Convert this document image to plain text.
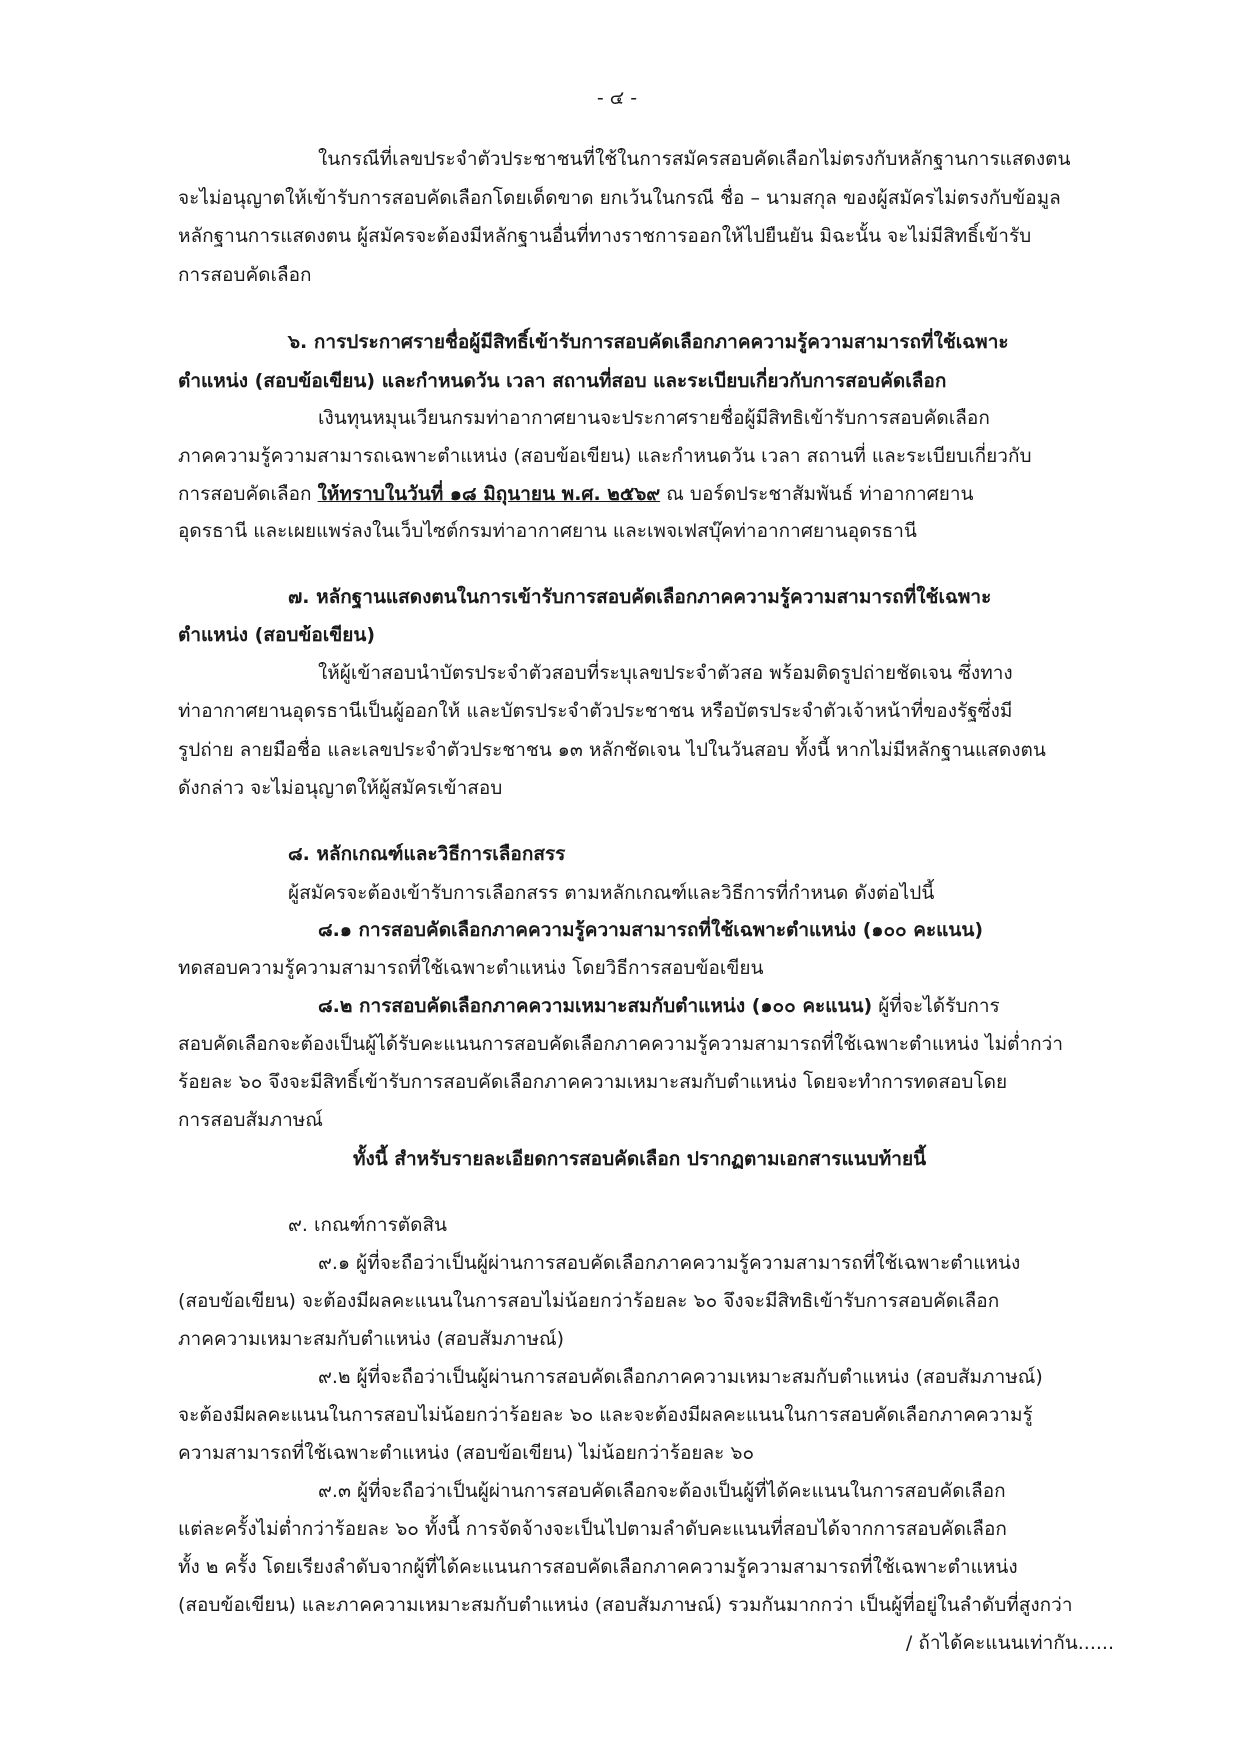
- ๔ -
ในกรณีที่เลขประจำตัวประชาชนที่ใช้ในการสมัครสอบคัดเลือกไม่ตรงกับหลักฐานการแสดงตน
จะไม่อนุญาตให้เข้ารับการสอบคัดเลือกโดยเด็ดขาด ยกเว้นในกรณี ชื่อ – นามสกุล ของผู้สมัครไม่ตรงกับข้อมูล
หลักฐานการแสดงตน ผู้สมัครจะต้องมีหลักฐานอื่นที่ทางราชการออกให้ไปยืนยัน มิฉะนั้น จะไม่มีสิทธิ์เข้ารับ
การสอบคัดเลือก
๖. การประกาศรายชื่อผู้มีสิทธิ์เข้ารับการสอบคัดเลือกภาคความรู้ความสามารถที่ใช้เฉพาะ
ตำแหน่ง (สอบข้อเขียน) และกำหนดวัน เวลา สถานที่สอบ และระเบียบเกี่ยวกับการสอบคัดเลือก
เงินทุนหมุนเวียนกรมท่าอากาศยานจะประกาศรายชื่อผู้มีสิทธิเข้ารับการสอบคัดเลือก
ภาคความรู้ความสามารถเฉพาะตำแหน่ง (สอบข้อเขียน) และกำหนดวัน เวลา สถานที่ และระเบียบเกี่ยวกับ
การสอบคัดเลือก ให้ทราบในวันที่ ๑๘ มิถุนายน พ.ศ. ๒๕๖๙ ณ บอร์ดประชาสัมพันธ์ ท่าอากาศยาน
อุดรธานี และเผยแพร่ลงในเว็บไซต์กรมท่าอากาศยาน และเพจเฟสบุ๊คท่าอากาศยานอุดรธานี
๗. หลักฐานแสดงตนในการเข้ารับการสอบคัดเลือกภาคความรู้ความสามารถที่ใช้เฉพาะ
ตำแหน่ง (สอบข้อเขียน)
ให้ผู้เข้าสอบนำบัตรประจำตัวสอบที่ระบุเลขประจำตัวสอ พร้อมติดรูปถ่ายชัดเจน ซึ่งทาง
ท่าอากาศยานอุดรธานีเป็นผู้ออกให้ และบัตรประจำตัวประชาชน หรือบัตรประจำตัวเจ้าหน้าที่ของรัฐซึ่งมี
รูปถ่าย ลายมือชื่อ และเลขประจำตัวประชาชน ๑๓ หลักชัดเจน ไปในวันสอบ ทั้งนี้ หากไม่มีหลักฐานแสดงตน
ดังกล่าว จะไม่อนุญาตให้ผู้สมัครเข้าสอบ
๘. หลักเกณฑ์และวิธีการเลือกสรร
ผู้สมัครจะต้องเข้ารับการเลือกสรร ตามหลักเกณฑ์และวิธีการที่กำหนด ดังต่อไปนี้
๘.๑ การสอบคัดเลือกภาคความรู้ความสามารถที่ใช้เฉพาะตำแหน่ง (๑๐๐ คะแนน)
ทดสอบความรู้ความสามารถที่ใช้เฉพาะตำแหน่ง โดยวิธีการสอบข้อเขียน
๘.๒ การสอบคัดเลือกภาคความเหมาะสมกับตำแหน่ง (๑๐๐ คะแนน) ผู้ที่จะได้รับการ
สอบคัดเลือกจะต้องเป็นผู้ได้รับคะแนนการสอบคัดเลือกภาคความรู้ความสามารถที่ใช้เฉพาะตำแหน่ง ไม่ต่ำกว่า
ร้อยละ ๖๐ จึงจะมีสิทธิ์เข้ารับการสอบคัดเลือกภาคความเหมาะสมกับตำแหน่ง โดยจะทำการทดสอบโดย
การสอบสัมภาษณ์
ทั้งนี้ สำหรับรายละเอียดการสอบคัดเลือก ปรากฏตามเอกสารแนบท้ายนี้
๙. เกณฑ์การตัดสิน
๙.๑ ผู้ที่จะถือว่าเป็นผู้ผ่านการสอบคัดเลือกภาคความรู้ความสามารถที่ใช้เฉพาะตำแหน่ง
(สอบข้อเขียน) จะต้องมีผลคะแนนในการสอบไม่น้อยกว่าร้อยละ ๖๐ จึงจะมีสิทธิเข้ารับการสอบคัดเลือก
ภาคความเหมาะสมกับตำแหน่ง (สอบสัมภาษณ์)
๙.๒ ผู้ที่จะถือว่าเป็นผู้ผ่านการสอบคัดเลือกภาคความเหมาะสมกับตำแหน่ง (สอบสัมภาษณ์)
จะต้องมีผลคะแนนในการสอบไม่น้อยกว่าร้อยละ ๖๐ และจะต้องมีผลคะแนนในการสอบคัดเลือกภาคความรู้
ความสามารถที่ใช้เฉพาะตำแหน่ง (สอบข้อเขียน) ไม่น้อยกว่าร้อยละ ๖๐
๙.๓ ผู้ที่จะถือว่าเป็นผู้ผ่านการสอบคัดเลือกจะต้องเป็นผู้ที่ได้คะแนนในการสอบคัดเลือก
แต่ละครั้งไม่ต่ำกว่าร้อยละ ๖๐ ทั้งนี้ การจัดจ้างจะเป็นไปตามลำดับคะแนนที่สอบได้จากการสอบคัดเลือก
ทั้ง ๒ ครั้ง โดยเรียงลำดับจากผู้ที่ได้คะแนนการสอบคัดเลือกภาคความรู้ความสามารถที่ใช้เฉพาะตำแหน่ง
(สอบข้อเขียน) และภาคความเหมาะสมกับตำแหน่ง (สอบสัมภาษณ์) รวมกันมากกว่า เป็นผู้ที่อยู่ในลำดับที่สูงกว่า
/ ถ้าได้คะแนนเท่ากัน......
